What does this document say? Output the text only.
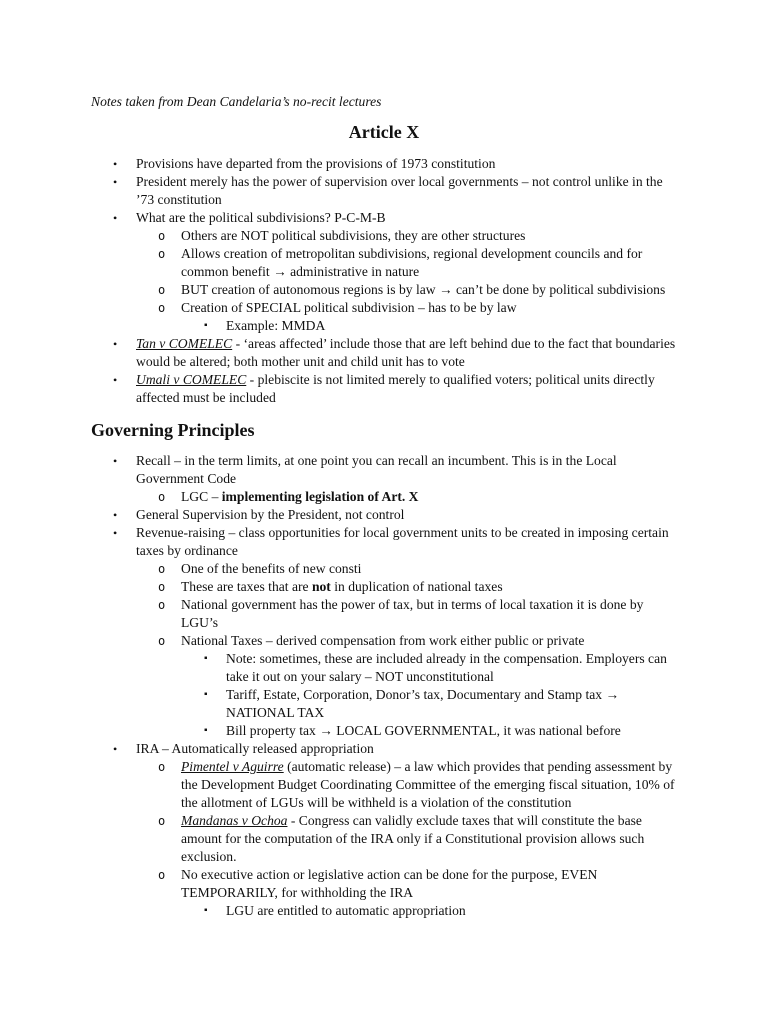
Notes taken from Dean Candelaria’s no-recit lectures
Article X

•	Provisions have departed from the provisions of 1973 constitution

•	President merely has the power of supervision over local governments – not control unlike in the ’73 constitution

•	What are the political subdivisions? P-C-M-B

o	Others are NOT political subdivisions, they are other structures

o	Allows creation of metropolitan subdivisions, regional development councils and for common benefit → administrative in nature

o	BUT creation of autonomous regions is by law → can’t be done by political subdivisions

o	Creation of SPECIAL political subdivision – has to be by law

▪	Example: MMDA

•	Tan v COMELEC - ‘areas affected’ include those that are left behind due to the fact that boundaries would be altered; both mother unit and child unit has to vote

•	Umali v COMELEC - plebiscite is not limited merely to qualified voters; political units directly affected must be included

Governing Principles

•	Recall – in the term limits, at one point you can recall an incumbent. This is in the Local Government Code

o	LGC – implementing legislation of Art. X

•	General Supervision by the President, not control

•	Revenue-raising – class opportunities for local government units to be created in imposing certain taxes by ordinance

o	One of the benefits of new consti

o	These are taxes that are not in duplication of national taxes

o	National government has the power of tax, but in terms of local taxation it is done by LGU’s

o	National Taxes – derived compensation from work either public or private

▪	Note: sometimes, these are included already in the compensation. Employers can take it out on your salary – NOT unconstitutional

▪	Tariff, Estate, Corporation, Donor’s tax, Documentary and Stamp tax → NATIONAL TAX

▪	Bill property tax → LOCAL GOVERNMENTAL, it was national before

•	IRA – Automatically released appropriation

o	Pimentel v Aguirre (automatic release) – a law which provides that pending assessment by the Development Budget Coordinating Committee of the emerging fiscal situation, 10% of the allotment of LGUs will be withheld is a violation of the constitution

o	Mandanas v Ochoa - Congress can validly exclude taxes that will constitute the base amount for the computation of the IRA only if a Constitutional provision allows such exclusion.

o	No executive action or legislative action can be done for the purpose, EVEN TEMPORARILY, for withholding the IRA

▪	LGU are entitled to automatic appropriation
